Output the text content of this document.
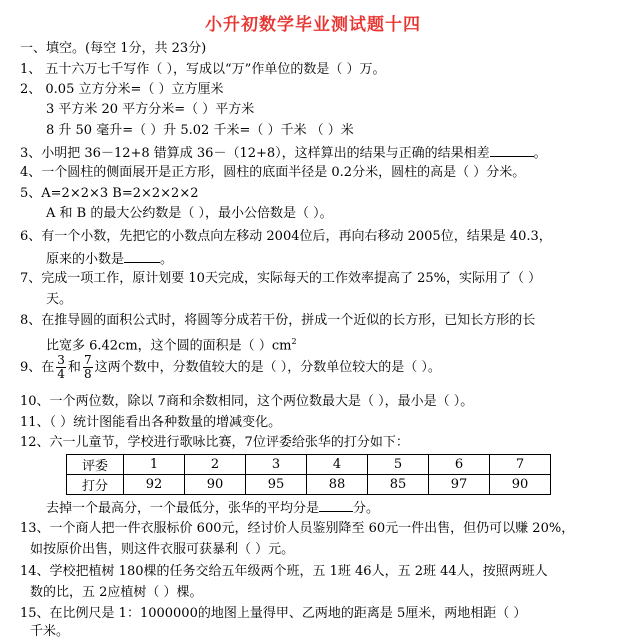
小升初数学毕业测试题十四
一、填空。(每空 1分，共 23分)
1、 五十六万七千写作（ ），写成以“万”作单位的数是（ ）万。
2、 0.05 立方分米=（ ）立方厘米
3 平方米 20 平方分米=（ ）平方米
8 升 50 毫升=（ ）升 5.02 千米=（ ）千米 （ ）米
3、小明把 36－12+8 错算成 36－（12+8），这样算出的结果与正确的结果相差	。
4、一个圆柱的侧面展开是正方形，圆柱的底面半径是 0.2分米，圆柱的高是（ ）分米。
5、A=2×2×3 B=2×2×2×2
A 和 B 的最大公约数是（ ），最小公倍数是（ ）。
6、有一个小数，先把它的小数点向左移动 2004位后，再向右移动 2005位，结果是 40.3，
原来的小数是	。
7、完成一项工作，原计划要 10天完成，实际每天的工作效率提高了 25%，实际用了（ ）
天。
8、在推导圆的面积公式时，将圆等分成若干份，拼成一个近似的长方形，已知长方形的长
比宽多 6.42cm，这个圆的面积是（ ）$cm^2$
9、在 $\frac{3}{4}$ 和 $\frac{7}{8}$ 这两个数中，分数值较大的是（ ），分数单位较大的是（ ）。
10、一个两位数，除以 7商和余数相同，这个两位数最大是（ ），最小是（ ）。
11、（ ）统计图能看出各种数量的增减变化。
12、六一儿童节，学校进行歌咏比赛，7位评委给张华的打分如下：
评委	1	2	3	4	5	6	7
打分	92	90	95	88	85	97	90
去掉一个最高分，一个最低分，张华的平均分是	分。
13、一个商人把一件衣服标价 600元，经讨价人员鉴别降至 60元一件出售，但仍可以赚 20%，
如按原价出售，则这件衣服可获暴利（ ）元。
14、学校把植树 180棵的任务交给五年级两个班，五 1班 46人，五 2班 44人，按照两班人
数的比，五 2应植树（ ）棵。
15、在比例尺是 1：1000000的地图上量得甲、乙两地的距离是 5厘米，两地相距（ ）
千米。
